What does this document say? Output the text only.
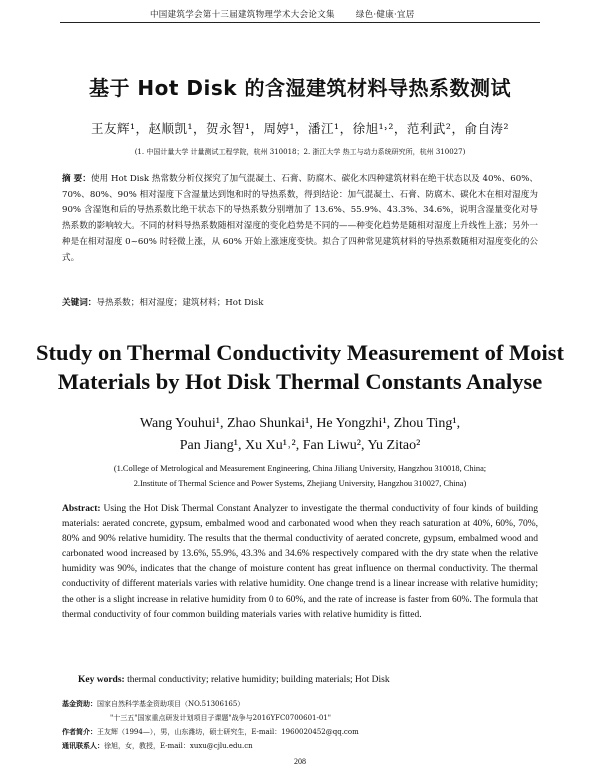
中国建筑学会第十三届建筑物理学术大会论文集 绿色·健康·宜居
基于 Hot Disk 的含湿建筑材料导热系数测试
王友辉¹，赵顺凯¹，贺永智¹，周婷¹，潘江¹，徐旭¹˒²，范利武²，俞自涛²
(1. 中国计量大学 计量测试工程学院，杭州 310018；2. 浙江大学 热工与动力系统研究所，杭州 310027)
摘 要：使用 Hot Disk 热常数分析仪探究了加气混凝土、石膏、防腐木、碳化木四种建筑材料在绝干状态以及 40%、60%、70%、80%、90% 相对湿度下含湿量达到饱和时的导热系数，得到结论：加气混凝土、石膏、防腐木、碳化木在相对湿度为 90% 含湿饱和后的导热系数比绝干状态下的导热系数分别增加了 13.6%、55.9%、43.3%、34.6%，说明含湿量变化对导热系数的影响较大。不同的材料导热系数随相对湿度的变化趋势是不同的——种变化趋势是随相对湿度上升线性上涨；另外一种是在相对湿度 0~60% 时轻微上涨，从 60% 开始上涨速度变快。拟合了四种常见建筑材料的导热系数随相对湿度变化的公式。
关键词：导热系数；相对湿度；建筑材料；Hot Disk
Study on Thermal Conductivity Measurement of Moist
Materials by Hot Disk Thermal Constants Analyse
Wang Youhui¹, Zhao Shunkai¹, He Yongzhi¹, Zhou Ting¹,
Pan Jiang¹, Xu Xu¹˒², Fan Liwu², Yu Zitao²
(1.College of Metrological and Measurement Engineering, China Jiliang University, Hangzhou 310018, China;
2.Institute of Thermal Science and Power Systems, Zhejiang University, Hangzhou 310027, China)
Abstract: Using the Hot Disk Thermal Constant Analyzer to investigate the thermal conductivity of four kinds of building materials: aerated concrete, gypsum, embalmed wood and carbonated wood when they reach saturation at 40%, 60%, 70%, 80% and 90% relative humidity. The results that the thermal conductivity of aerated concrete, gypsum, embalmed wood and carbonated wood increased by 13.6%, 55.9%, 43.3% and 34.6% respectively compared with the dry state when the relative humidity was 90%, indicates that the change of moisture content has great influence on thermal conductivity. The thermal conductivity of different materials varies with relative humidity. One change trend is a linear increase with relative humidity; the other is a slight increase in relative humidity from 0 to 60%, and the rate of increase is faster from 60%. The formula that thermal conductivity of four common building materials varies with relative humidity is fitted.
Key words: thermal conductivity; relative humidity; building materials; Hot Disk
基金资助：国家自然科学基金资助项目（NO.51306165）
"十三五"国家重点研发计划项目子课题"战争与2016YFC0700601-01"
作者简介：王友辉（1994—），男，山东潍坊，硕士研究生，E-mail：1960020452@qq.com
通讯联系人：徐旭，女，教授，E-mail：xuxu@cjlu.edu.cn
208
